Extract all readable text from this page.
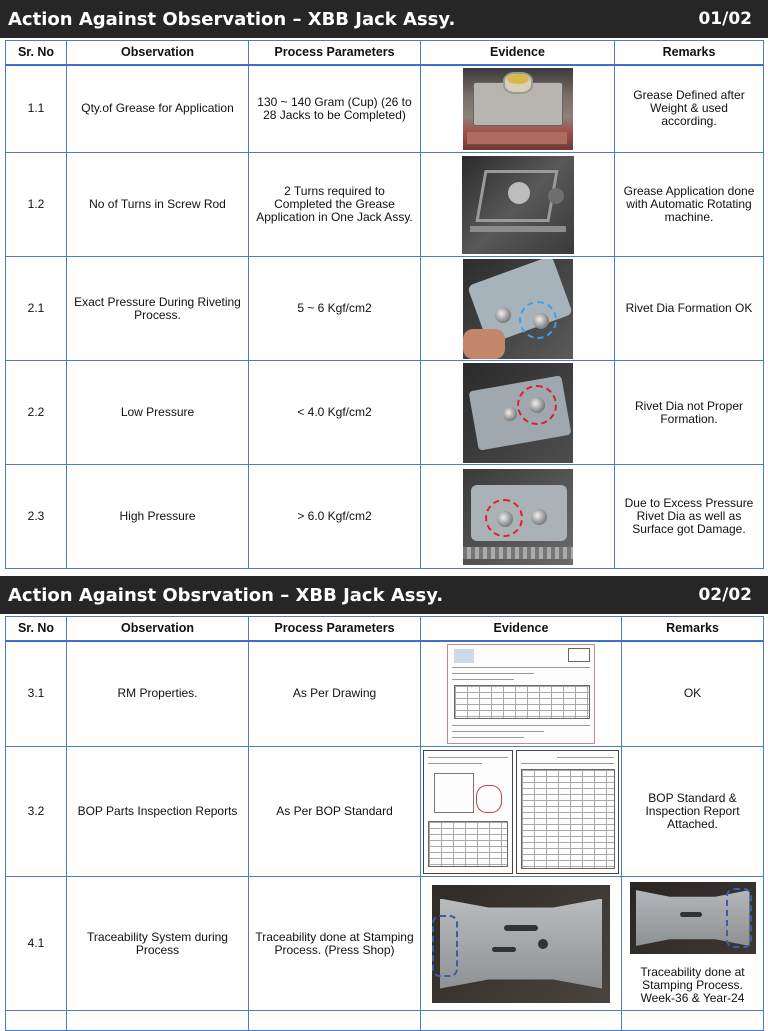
Action Against Observation – XBB Jack Assy.	01/02
Sr. No	Observation	Process Parameters	Evidence	Remarks
1.1	Qty.of Grease for Application	130 ~ 140 Gram (Cup) (26 to 28 Jacks to be Completed)		Grease Defined after Weight & used according.
1.2	No of Turns in Screw Rod	2 Turns required to Completed the Grease Application in One Jack Assy.		Grease Application done with Automatic Rotating machine.
2.1	Exact Pressure During Riveting Process.	5 ~ 6 Kgf/cm2		Rivet Dia Formation OK
2.2	Low Pressure	< 4.0 Kgf/cm2		Rivet Dia not Proper Formation.
2.3	High Pressure	> 6.0 Kgf/cm2		Due to Excess Pressure Rivet Dia as well as Surface got Damage.
Action Against Obsrvation – XBB Jack Assy.	02/02
Sr. No	Observation	Process Parameters	Evidence	Remarks
3.1	RM Properties.	As Per Drawing		OK
3.2	BOP Parts Inspection Reports	As Per BOP Standard		BOP Standard & Inspection Report Attached.
4.1	Traceability System during Process	Traceability done at Stamping Process. (Press Shop)		Traceability done at Stamping Process. Week-36 & Year-24
